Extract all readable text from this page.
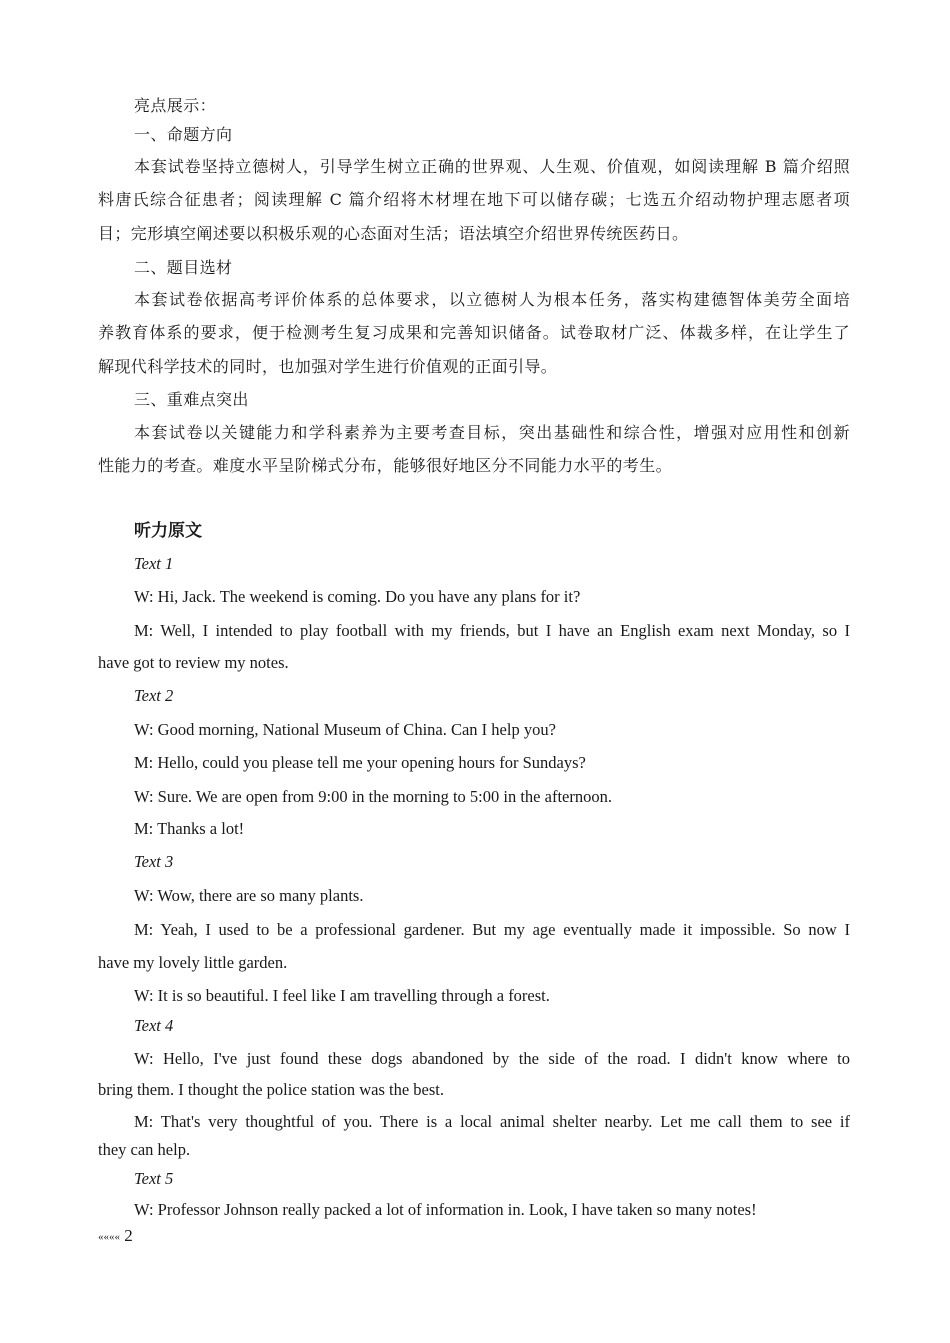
亮点展示：
一、命题方向
本套试卷坚持立德树人，引导学生树立正确的世界观、人生观、价值观，如阅读理解 B 篇介绍照
料唐氏综合征患者；阅读理解 C 篇介绍将木材埋在地下可以储存碳；七选五介绍动物护理志愿者项
目；完形填空阐述要以积极乐观的心态面对生活；语法填空介绍世界传统医药日。
二、题目选材
本套试卷依据高考评价体系的总体要求，以立德树人为根本任务，落实构建德智体美劳全面培
养教育体系的要求，便于检测考生复习成果和完善知识储备。试卷取材广泛、体裁多样，在让学生了
解现代科学技术的同时，也加强对学生进行价值观的正面引导。
三、重难点突出
本套试卷以关键能力和学科素养为主要考查目标，突出基础性和综合性，增强对应用性和创新
性能力的考查。难度水平呈阶梯式分布，能够很好地区分不同能力水平的考生。
听力原文
Text 1
W: Hi, Jack. The weekend is coming. Do you have any plans for it?
M: Well, I intended to play football with my friends, but I have an English exam next Monday, so I
have got to review my notes.
Text 2
W: Good morning, National Museum of China. Can I help you?
M: Hello, could you please tell me your opening hours for Sundays?
W: Sure. We are open from 9:00 in the morning to 5:00 in the afternoon.
M: Thanks a lot!
Text 3
W: Wow, there are so many plants.
M: Yeah, I used to be a professional gardener. But my age eventually made it impossible. So now I
have my lovely little garden.
W: It is so beautiful. I feel like I am travelling through a forest.
Text 4
W: Hello, I've just found these dogs abandoned by the side of the road. I didn't know where to
bring them. I thought the police station was the best.
M: That's very thoughtful of you. There is a local animal shelter nearby. Let me call them to see if
they can help.
Text 5
W: Professor Johnson really packed a lot of information in. Look, I have taken so many notes!
«««« 2
